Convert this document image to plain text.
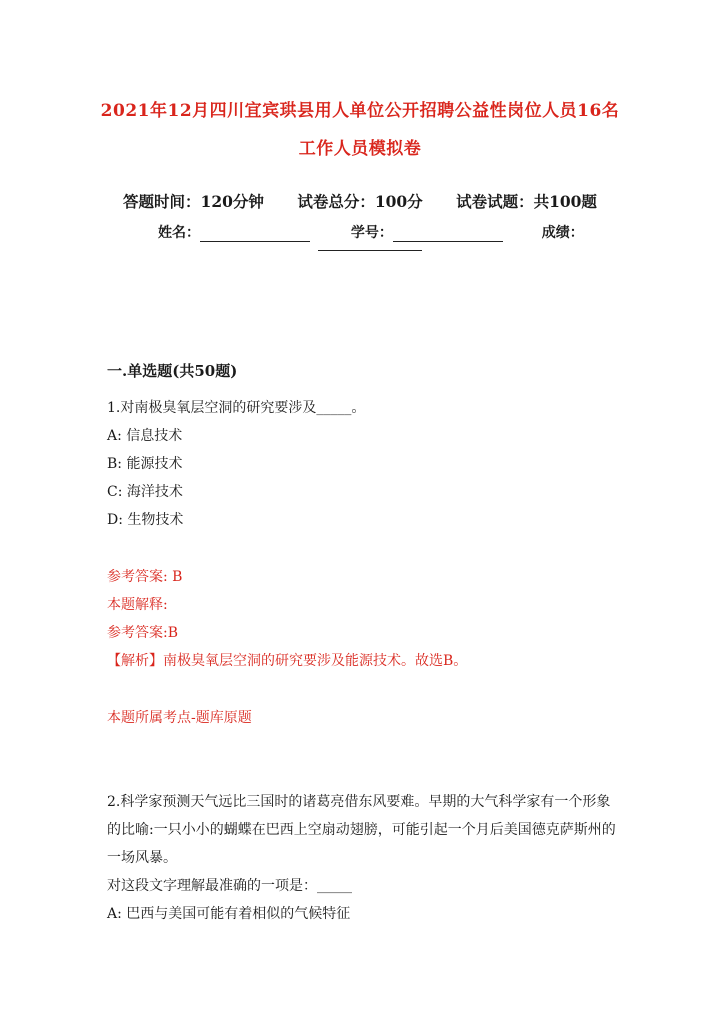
2021年12月四川宜宾珙县用人单位公开招聘公益性岗位人员16名
工作人员模拟卷
答题时间：120分钟 试卷总分：100分 试卷试题：共100题
姓名：	学号：	成绩：
一.单选题(共50题)
1.对南极臭氧层空洞的研究要涉及_____。
A: 信息技术
B: 能源技术
C: 海洋技术
D: 生物技术
参考答案: B
本题解释:
参考答案:B
【解析】南极臭氧层空洞的研究要涉及能源技术。故选B。
本题所属考点-题库原题
2.科学家预测天气远比三国时的诸葛亮借东风要难。早期的大气科学家有一个形象的比喻:一只小小的蝴蝶在巴西上空扇动翅膀，可能引起一个月后美国德克萨斯州的一场风暴。
对这段文字理解最准确的一项是：_____
A: 巴西与美国可能有着相似的气候特征
